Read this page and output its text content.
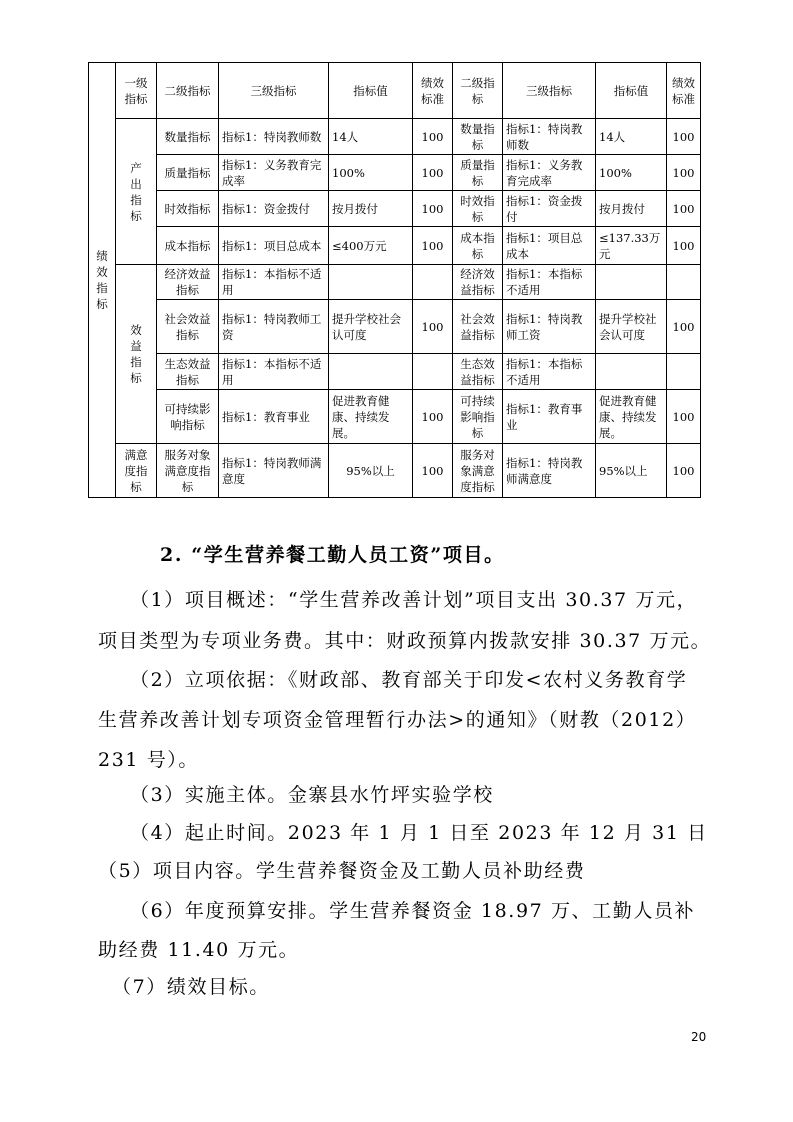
绩效指标	一级指标	二级指标	三级指标	指标值	绩效标准	二级指标	三级指标	指标值	绩效标准
	产出指标	数量指标	指标1：特岗教师数	14人	100	数量指标	指标1：特岗教师数	14人	100
		质量指标	指标1：义务教育完成率	100%	100	质量指标	指标1：义务教育完成率	100%	100
		时效指标	指标1：资金拨付	按月拨付	100	时效指标	指标1：资金拨付	按月拨付	100
		成本指标	指标1：项目总成本	≤400万元	100	成本指标	指标1：项目总成本	≤137.33万元	100
	效益指标	经济效益指标	指标1：本指标不适用			经济效益指标	指标1：本指标不适用		
		社会效益指标	指标1：特岗教师工资	提升学校社会认可度	100	社会效益指标	指标1：特岗教师工资	提升学校社会认可度	100
		生态效益指标	指标1：本指标不适用			生态效益指标	指标1：本指标不适用		
		可持续影响指标	指标1：教育事业	促进教育健康、持续发展。	100	可持续影响指标	指标1：教育事业	促进教育健康、持续发展。	100
	满意度指标	服务对象满意度指标	指标1：特岗教师满意度	95%以上	100	服务对象满意度指标	指标1：特岗教师满意度	95%以上	100
2. “学生营养餐工勤人员工资”项目。
（1）项目概述：“学生营养改善计划”项目支出 30.37 万元，
项目类型为专项业务费。其中：财政预算内拨款安排 30.37 万元。
（2）立项依据：《财政部、教育部关于印发<农村义务教育学
生营养改善计划专项资金管理暂行办法>的通知》（财教（2012）
231 号）。
（3）实施主体。金寨县水竹坪实验学校
（4）起止时间。2023 年 1 月 1 日至 2023 年 12 月 31 日
（5）项目内容。学生营养餐资金及工勤人员补助经费
（6）年度预算安排。学生营养餐资金 18.97 万、工勤人员补
助经费 11.40 万元。
（7）绩效目标。
20
